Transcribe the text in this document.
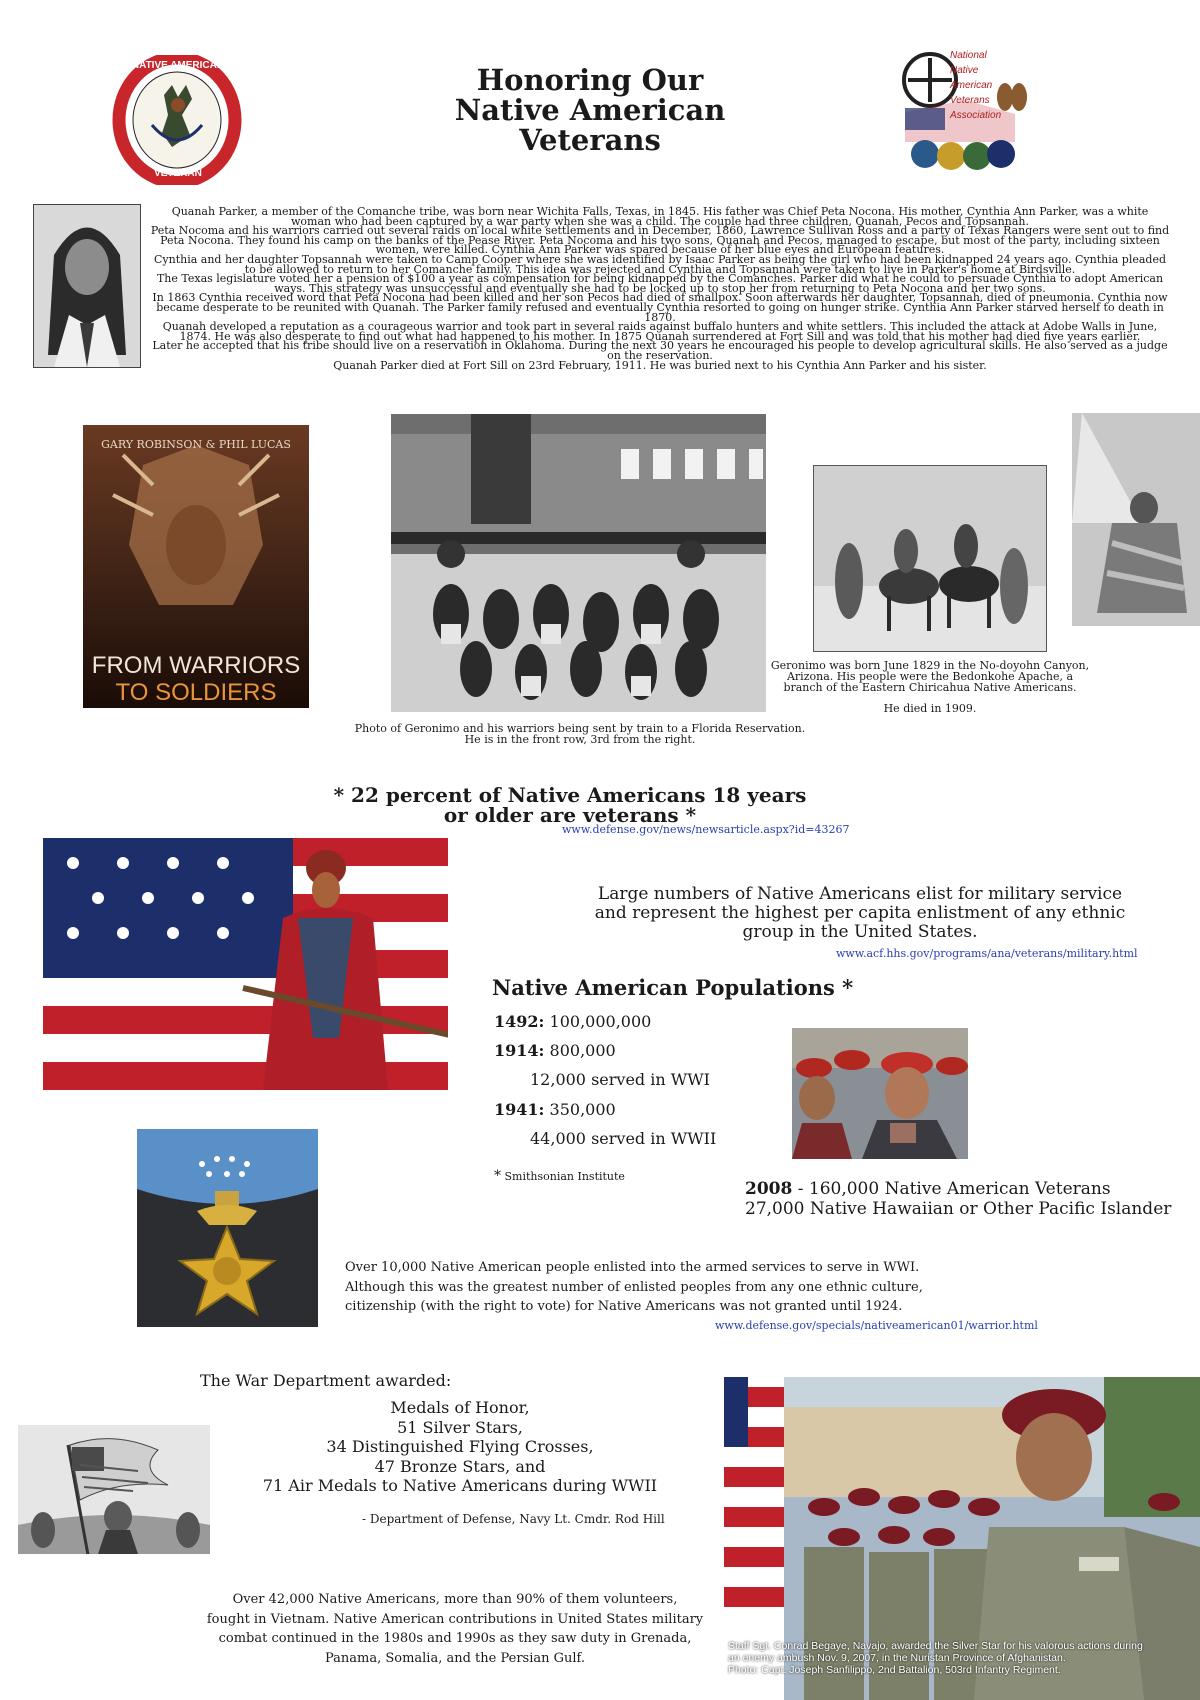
NATIVE AMERICAN
VETERAN
Honoring Our
Native American
Veterans
National
Native
American
Veterans
Association

Quanah Parker, a member of the Comanche tribe, was born near Wichita Falls, Texas, in 1845. His father was Chief Peta Nocona. His mother, Cynthia Ann Parker, was a white woman who had been captured by a war party when she was a child. The couple had three children, Quanah, Pecos and Topsannah.

Peta Nocoma and his warriors carried out several raids on local white settlements and in December, 1860, Lawrence Sullivan Ross and a party of Texas Rangers were sent out to find Peta Nocona. They found his camp on the banks of the Pease River. Peta Nocoma and his two sons, Quanah and Pecos, managed to escape, but most of the party, including sixteen women, were killed. Cynthia Ann Parker was spared because of her blue eyes and European features.

Cynthia and her daughter Topsannah were taken to Camp Cooper where she was identified by Isaac Parker as being the girl who had been kidnapped 24 years ago. Cynthia pleaded to be allowed to return to her Comanche family. This idea was rejected and Cynthia and Topsannah were taken to live in Parker's home at Birdsville.

The Texas legislature voted her a pension of $100 a year as compensation for being kidnapped by the Comanches. Parker did what he could to persuade Cynthia to adopt American ways. This strategy was unsuccessful and eventually she had to be locked up to stop her from returning to Peta Nocona and her two sons.

In 1863 Cynthia received word that Peta Nocona had been killed and her son Pecos had died of smallpox. Soon afterwards her daughter, Topsannah, died of pneumonia. Cynthia now became desperate to be reunited with Quanah. The Parker family refused and eventually Cynthia resorted to going on hunger strike. Cynthia Ann Parker starved herself to death in 1870.

Quanah developed a reputation as a courageous warrior and took part in several raids against buffalo hunters and white settlers. This included the attack at Adobe Walls in June, 1874. He was also desperate to find out what had happened to his mother. In 1875 Quanah surrendered at Fort Sill and was told that his mother had died five years earlier.

Later he accepted that his tribe should live on a reservation in Oklahoma. During the next 30 years he encouraged his people to develop agricultural skills. He also served as a judge on the reservation.

Quanah Parker died at Fort Sill on 23rd February, 1911. He was buried next to his Cynthia Ann Parker and his sister.

GARY ROBINSON & PHIL LUCAS
FROM WARRIORS
TO SOLDIERS
Photo of Geronimo and his warriors being sent by train to a Florida Reservation.
He is in the front row, 3rd from the right.
Geronimo was born June 1829 in the No-doyohn Canyon,
Arizona. His people were the Bedonkohe Apache, a
branch of the Eastern Chiricahua Native Americans.
He died in 1909.
* 22 percent of Native Americans 18 years
or older are veterans *
www.defense.gov/news/newsarticle.aspx?id=43267
Large numbers of Native Americans elist for military service and represent the highest per capita enlistment of any ethnic group in the United States.
www.acf.hhs.gov/programs/ana/veterans/military.html
Native American Populations *
1492: 100,000,000
1914: 800,000
12,000 served in WWI
1941: 350,000
44,000 served in WWII
* Smithsonian Institute
2008 - 160,000 Native American Veterans
27,000 Native Hawaiian or Other Pacific Islander
Over 10,000 Native American people enlisted into the armed services to serve in WWI.
Although this was the greatest number of enlisted peoples from any one ethnic culture,
citizenship (with the right to vote) for Native Americans was not granted until 1924.
www.defense.gov/specials/nativeamerican01/warrior.html
The War Department awarded:
Medals of Honor,
51 Silver Stars,
34 Distinguished Flying Crosses,
47 Bronze Stars, and
71 Air Medals to Native Americans during WWII
- Department of Defense, Navy Lt. Cmdr. Rod Hill
Over 42,000 Native Americans, more than 90% of them volunteers,
fought in Vietnam. Native American contributions in United States military
combat continued in the 1980s and 1990s as they saw duty in Grenada,
Panama, Somalia, and the Persian Gulf.
Staff Sgt. Conrad Begaye, Navajo, awarded the Silver Star for his valorous actions during
an enemy ambush Nov. 9, 2007, in the Nuristan Province of Afghanistan.
Photo: Capt. Joseph Sanfilippo, 2nd Battalion, 503rd Infantry Regiment.
